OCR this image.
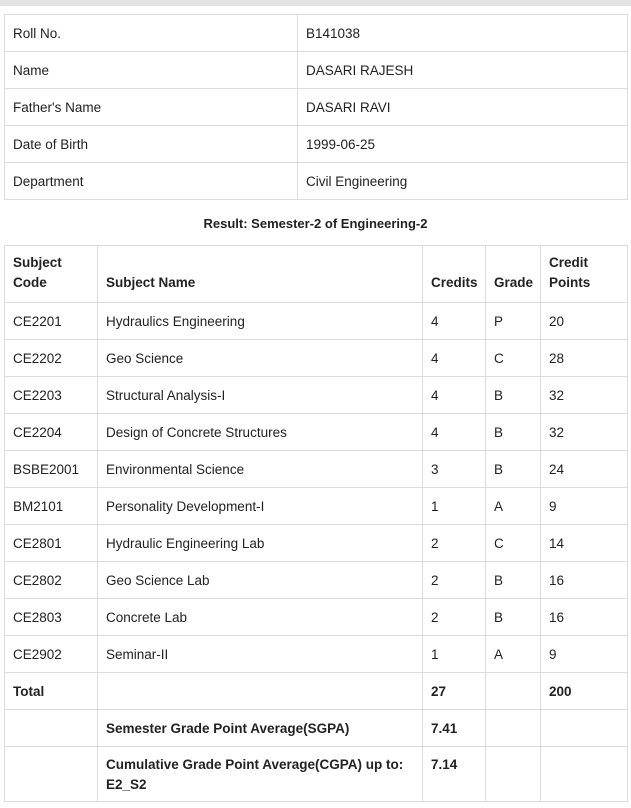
Roll No.	B141038
Name	DASARI RAJESH
Father's Name	DASARI RAVI
Date of Birth	1999-06-25
Department	Civil Engineering
Result: Semester-2 of Engineering-2
Subject Code	Subject Name	Credits	Grade	Credit Points
CE2201	Hydraulics Engineering	4	P	20
CE2202	Geo Science	4	C	28
CE2203	Structural Analysis-I	4	B	32
CE2204	Design of Concrete Structures	4	B	32
BSBE2001	Environmental Science	3	B	24
BM2101	Personality Development-I	1	A	9
CE2801	Hydraulic Engineering Lab	2	C	14
CE2802	Geo Science Lab	2	B	16
CE2803	Concrete Lab	2	B	16
CE2902	Seminar-II	1	A	9
Total		27		200
	Semester Grade Point Average(SGPA)	7.41		
	Cumulative Grade Point Average(CGPA) up to: E2_S2	7.14		
